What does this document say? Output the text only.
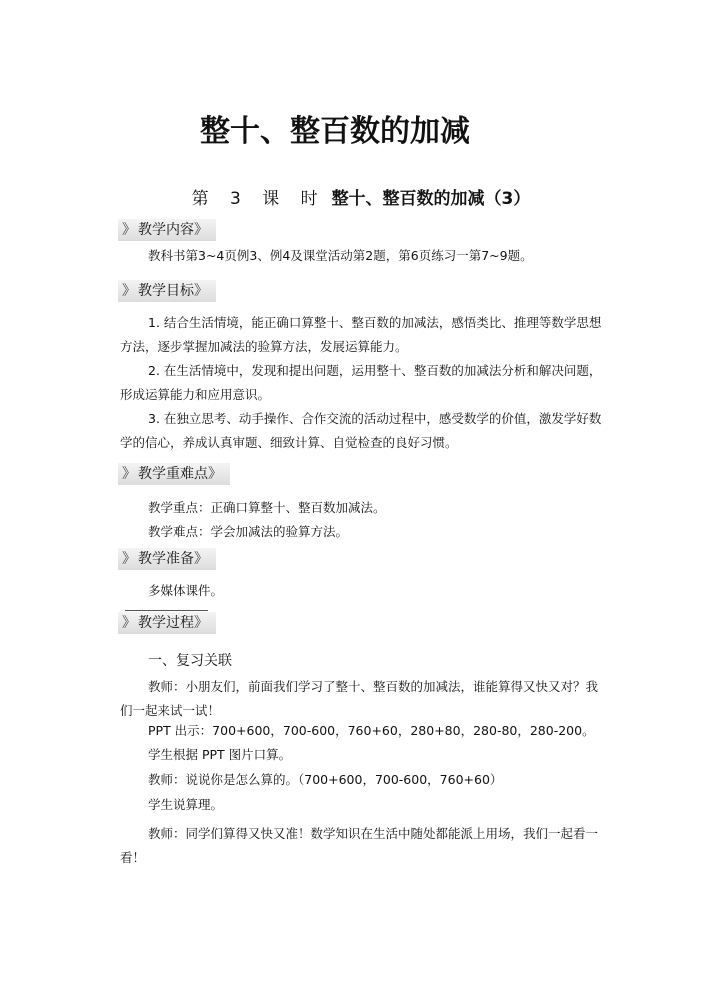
整十、整百数的加减
第 3 课 时 整十、整百数的加减（3）
》 教学内容》
教科书第3~4页例3、例4及课堂活动第2题，第6页练习一第7~9题。
》 教学目标》
1. 结合生活情境，能正确口算整十、整百数的加减法，感悟类比、推理等数学思想方法，逐步掌握加减法的验算方法，发展运算能力。
2. 在生活情境中，发现和提出问题，运用整十、整百数的加减法分析和解决问题，形成运算能力和应用意识。
3. 在独立思考、动手操作、合作交流的活动过程中，感受数学的价值，激发学好数学的信心，养成认真审题、细致计算、自觉检查的良好习惯。
》 教学重难点》
教学重点：正确口算整十、整百数加减法。
教学难点：学会加减法的验算方法。
》 教学准备》
多媒体课件。
》 教学过程》
一、复习关联
教师：小朋友们，前面我们学习了整十、整百数的加减法，谁能算得又快又对？我们一起来试一试！
PPT 出示：700+600，700-600，760+60，280+80，280-80，280-200。
学生根据 PPT 图片口算。
教师：说说你是怎么算的。（700+600，700-600，760+60）
学生说算理。
教师：同学们算得又快又准！数学知识在生活中随处都能派上用场，我们一起看一看！
